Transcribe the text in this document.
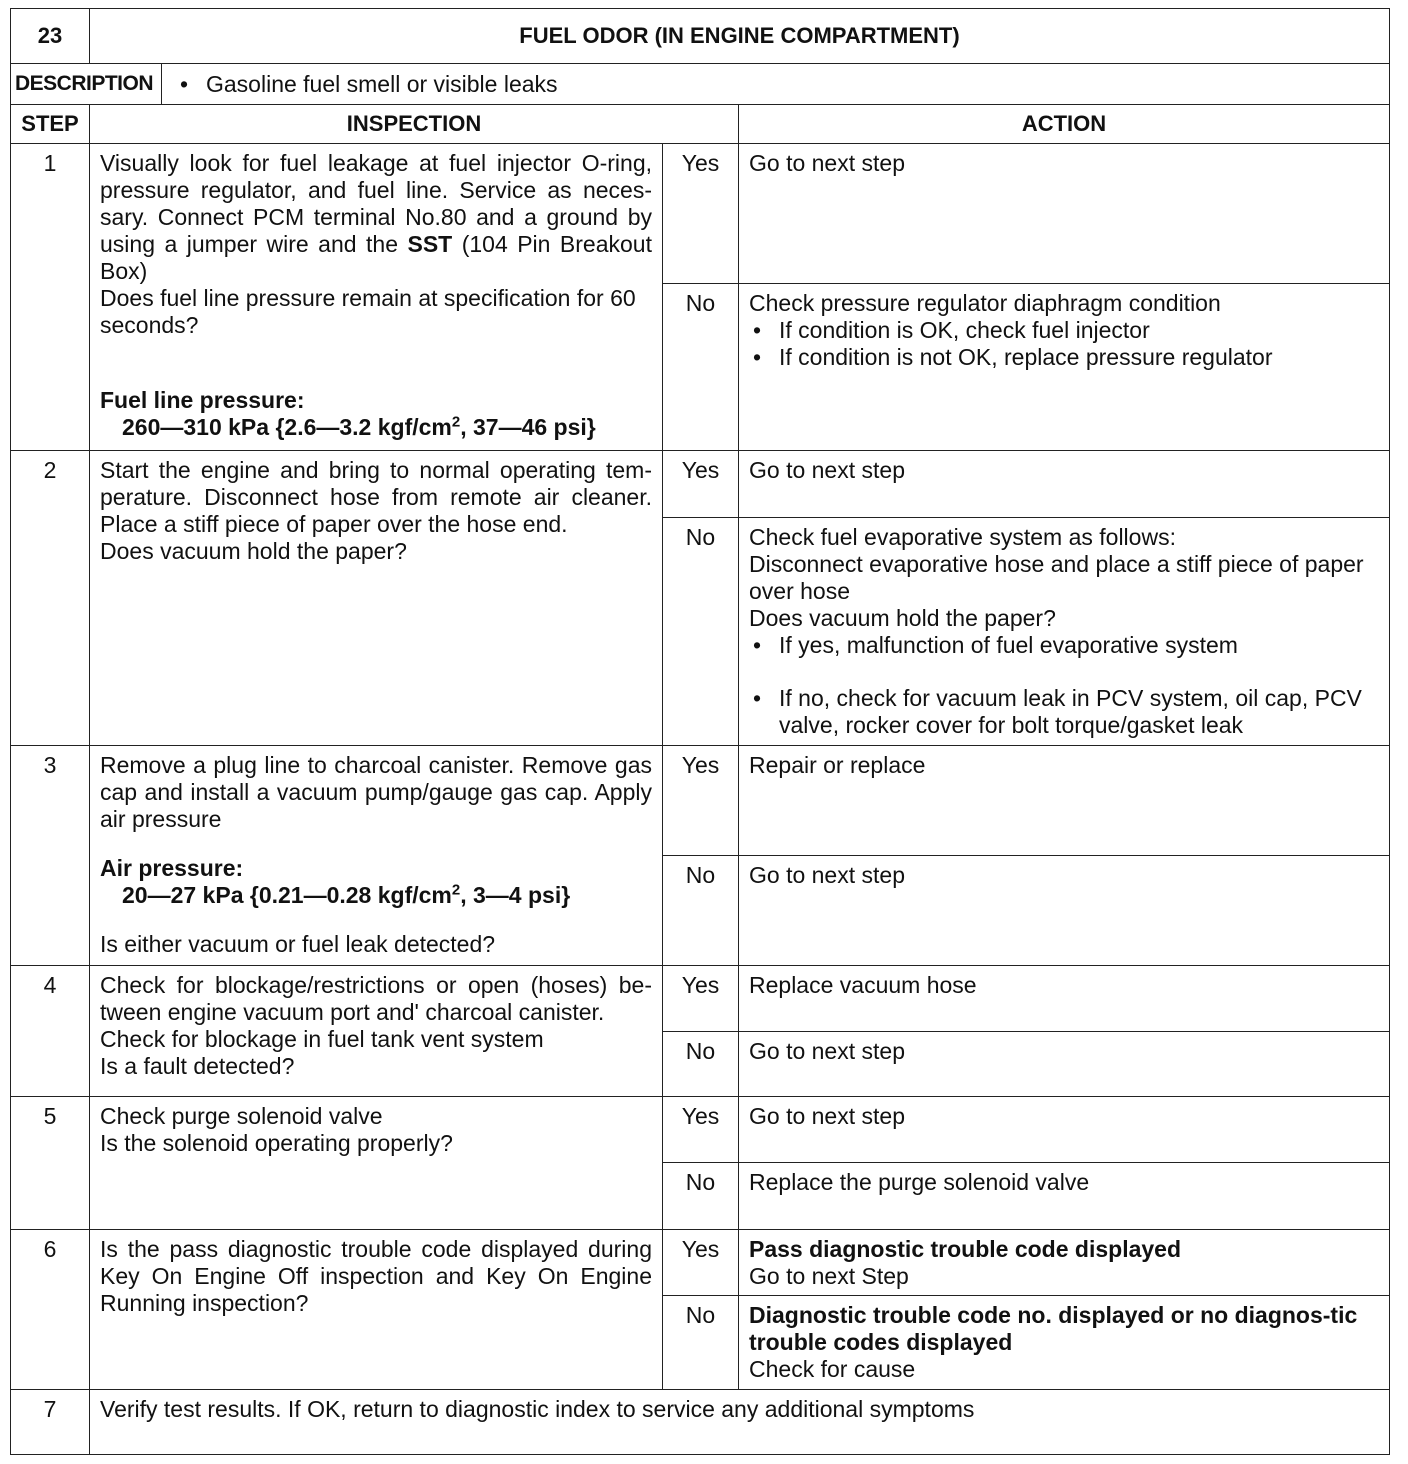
23	FUEL ODOR (IN ENGINE COMPARTMENT)
DESCRIPTION
• Gasoline fuel smell or visible leaks
STEP	INSPECTION	ACTION
1	Visually look for fuel leakage at fuel injector O-ring, pressure regulator, and fuel line. Service as neces-sary. Connect PCM terminal No.80 and a ground by using a jumper wire and the SST (104 Pin Breakout Box)

Does fuel line pressure remain at specification for 60 seconds?

Fuel line pressure:

260—310 kPa {2.6—3.2 kgf/$cm^2$, 37—46 psi}

Yes	Go to next step
No	Check pressure regulator diaphragm condition

• If condition is OK, check fuel injector
• If condition is not OK, replace pressure regulator
2	Start the engine and bring to normal operating tem-perature. Disconnect hose from remote air cleaner. Place a stiff piece of paper over the hose end.

Does vacuum hold the paper?

Yes	Go to next step
No	Check fuel evaporative system as follows:

Disconnect evaporative hose and place a stiff piece of paper over hose

Does vacuum hold the paper?

• If yes, malfunction of fuel evaporative system
• If no, check for vacuum leak in PCV system, oil cap, PCV valve, rocker cover for bolt torque/gasket leak
3	Remove a plug line to charcoal canister. Remove gas cap and install a vacuum pump/gauge gas cap. Apply air pressure

Air pressure:

20—27 kPa {0.21—0.28 kgf/$cm^2$, 3—4 psi}

Is either vacuum or fuel leak detected?

Yes	Repair or replace
No	Go to next step
4	Check for blockage/restrictions or open (hoses) be-tween engine vacuum port and' charcoal canister.

Check for blockage in fuel tank vent system

Is a fault detected?

Yes	Replace vacuum hose
No	Go to next step
5	Check purge solenoid valve

Is the solenoid operating properly?

Yes	Go to next step
No	Replace the purge solenoid valve
6	Is the pass diagnostic trouble code displayed during Key On Engine Off inspection and Key On Engine Running inspection?

Yes	Pass diagnostic trouble code displayed

Go to next Step

No	Diagnostic trouble code no. displayed or no diagnos-tic trouble codes displayed

Check for cause

7	Verify test results. If OK, return to diagnostic index to service any additional symptoms
